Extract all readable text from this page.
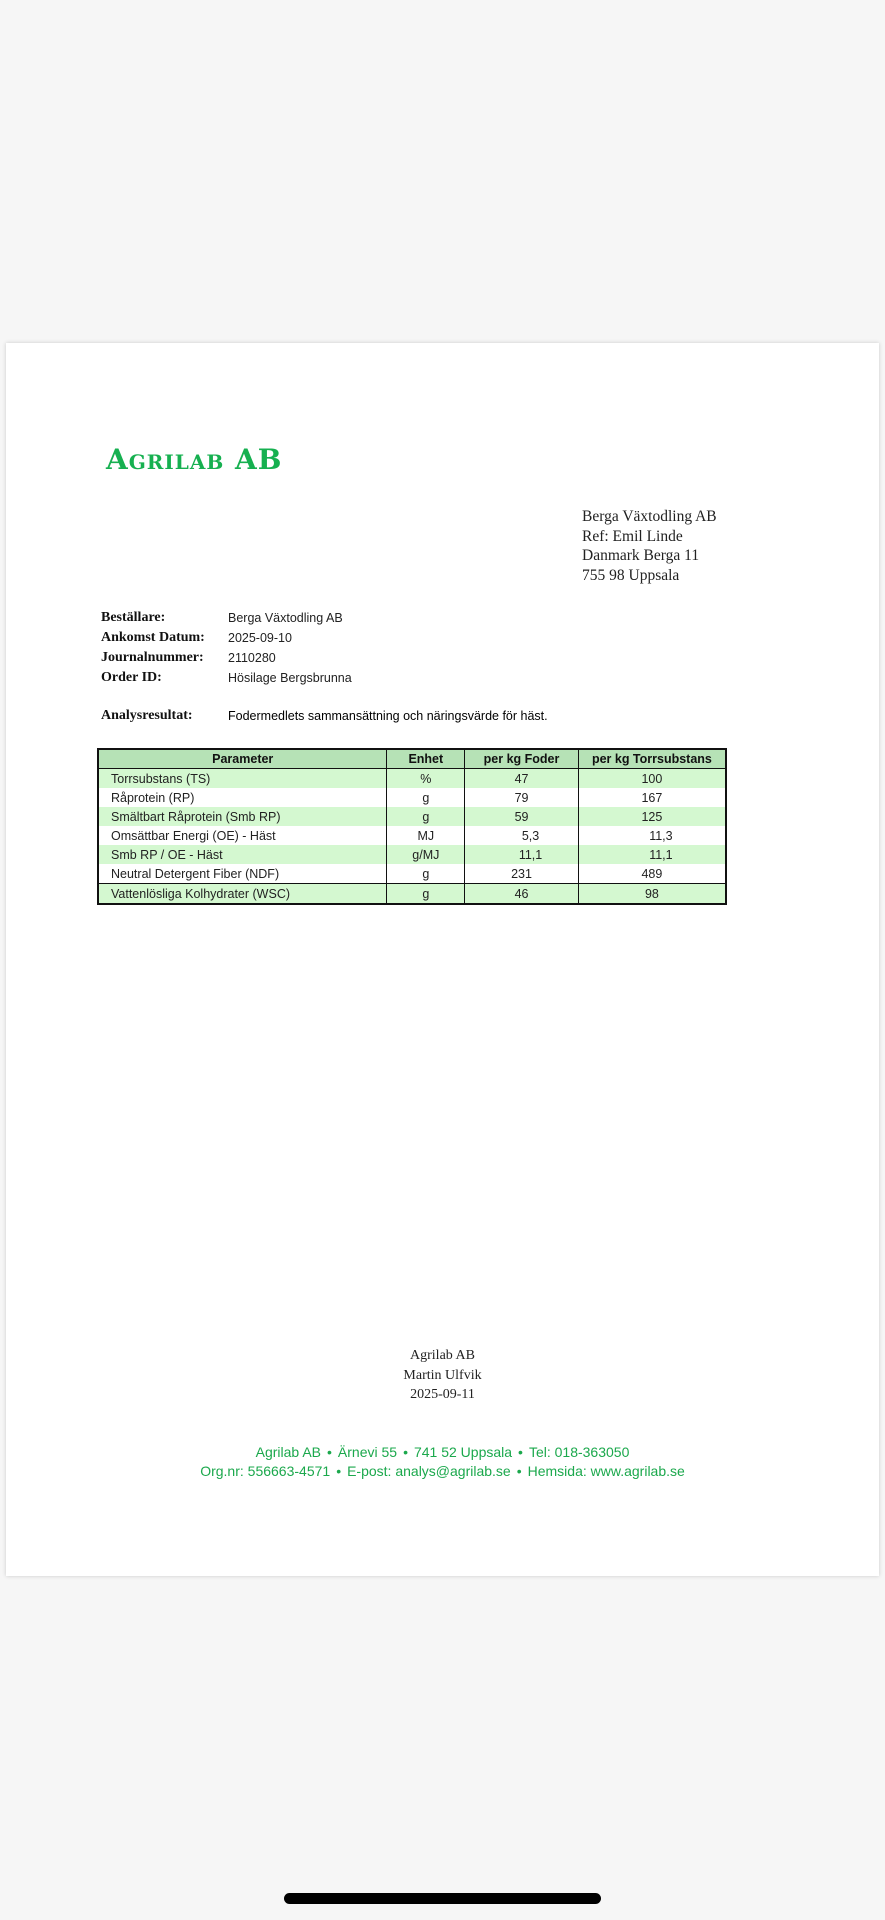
Agrilab AB
Berga Växtodling AB
Ref: Emil Linde
Danmark Berga 11
755 98 Uppsala
Beställare:	Berga Växtodling AB
Ankomst Datum:	2025-09-10
Journalnummer:	2110280
Order ID:	Hösilage Bergsbrunna
Analysresultat:	Fodermedlets sammansättning och näringsvärde för häst.
Parameter	Enhet	per kg Foder	per kg Torrsubstans
Torrsubstans (TS)	%	47	100
Råprotein (RP)	g	79	167
Smältbart Råprotein (Smb RP)	g	59	125
Omsättbar Energi (OE) - Häst	MJ	5,3	11,3
Smb RP / OE - Häst	g/MJ	11,1	11,1
Neutral Detergent Fiber (NDF)	g	231	489
Vattenlösliga Kolhydrater (WSC)	g	46	98
Agrilab AB
Martin Ulfvik
2025-09-11
Agrilab AB • Ärnevi 55 • 741 52 Uppsala • Tel: 018-363050
Org.nr: 556663-4571 • E-post: analys@agrilab.se • Hemsida: www.agrilab.se
